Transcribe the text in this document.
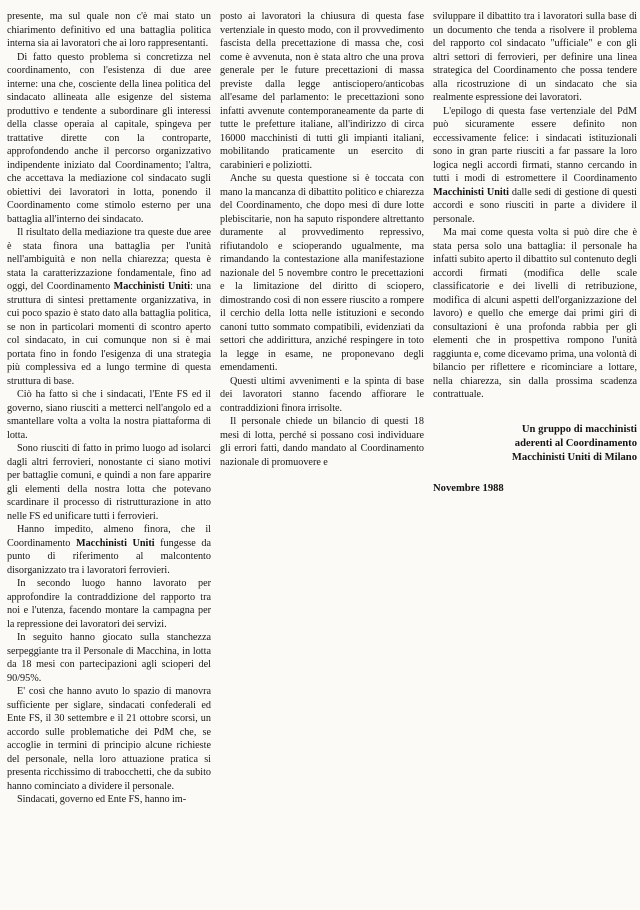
presente, ma sul quale non c'è mai stato un chiarimento definitivo ed una battaglia politica interna sia ai lavoratori che ai loro rappresentanti.

Di fatto questo problema si concretizza nel coordinamento, con l'esistenza di due aree interne: una che, cosciente della linea politica del sindacato allineata alle esigenze del sistema produttivo e tendente a subordinare gli interessi della classe operaia al capitale, spingeva per trattative dirette con la controparte, approfondendo anche il percorso organizzativo indipendente iniziato dal Coordinamento; l'altra, che accettava la mediazione col sindacato sugli obiettivi dei lavoratori in lotta, ponendo il Coordinamento come stimolo esterno per una battaglia all'interno dei sindacato.

Il risultato della mediazione tra queste due aree è stata finora una battaglia per l'unità nell'ambiguità e non nella chiarezza; questa è stata la caratterizzazione fondamentale, fino ad oggi, del Coordinamento Macchinisti Uniti: una struttura di sintesi prettamente organizzativa, in cui poco spazio è stato dato alla battaglia politica, se non in particolari momenti di scontro aperto col sindacato, in cui comunque non si è mai portata fino in fondo l'esigenza di una strategia più complessiva ed a lungo termine di questa struttura di base.

Ciò ha fatto sì che i sindacati, l'Ente FS ed il governo, siano riusciti a metterci nell'angolo ed a smantellare volta a volta la nostra piattaforma di lotta.

Sono riusciti di fatto in primo luogo ad isolarci dagli altri ferrovieri, nonostante ci siano motivi per battaglie comuni, e quindi a non fare apparire gli elementi della nostra lotta che potevano scardinare il processo di ristrutturazione in atto nelle FS ed unificare tutti i ferrovieri.

Hanno impedito, almeno finora, che il Coordinamento Macchinisti Uniti fungesse da punto di riferimento al malcontento disorganizzato tra i lavoratori ferrovieri.

In secondo luogo hanno lavorato per approfondire la contraddizione del rapporto tra noi e l'utenza, facendo montare la campagna per la repressione dei lavoratori dei servizi.

In seguito hanno giocato sulla stanchezza serpeggiante tra il Personale di Macchina, in lotta da 18 mesi con partecipazioni agli scioperi del 90/95%.

E' così che hanno avuto lo spazio di manovra sufficiente per siglare, sindacati confederali ed Ente FS, il 30 settembre e il 21 ottobre scorsi, un accordo sulle problematiche dei PdM che, se accoglie in termini di principio alcune richieste del personale, nella loro attuazione pratica si presenta ricchissimo di trabocchetti, che da subito hanno cominciato a dividere il personale.

Sindacati, governo ed Ente FS, hanno im-

posto ai lavoratori la chiusura di questa fase vertenziale in questo modo, con il provvedimento fascista della precettazione di massa che, così come è avvenuta, non è stata altro che una prova generale per le future precettazioni di massa previste dalla legge antisciopero/anticobas all'esame del parlamento: le precettazioni sono infatti avvenute contemporaneamente da parte di tutte le prefetture italiane, all'indirizzo di circa 16000 macchinisti di tutti gli impianti italiani, mobilitando praticamente un esercito di carabinieri e poliziotti.

Anche su questa questione si è toccata con mano la mancanza di dibattito politico e chiarezza del Coordinamento, che dopo mesi di dure lotte plebiscitarie, non ha saputo rispondere altrettanto duramente al provvedimento repressivo, rifiutandolo e scioperando ugualmente, ma rimandando la contestazione alla manifestazione nazionale del 5 novembre contro le precettazioni e la limitazione del diritto di sciopero, dimostrando così di non essere riuscito a rompere il cerchio della lotta nelle istituzioni e secondo canoni tutto sommato compatibili, evidenziati da settori che addirittura, anziché respingere in toto la legge in esame, ne proponevano degli emendamenti.

Questi ultimi avvenimenti e la spinta di base dei lavoratori stanno facendo affiorare le contraddizioni finora irrisolte.

Il personale chiede un bilancio di questi 18 mesi di lotta, perché si possano così individuare gli errori fatti, dando mandato al Coordinamento nazionale di promuovere e

sviluppare il dibattito tra i lavoratori sulla base di un documento che tenda a risolvere il problema del rapporto col sindacato "ufficiale" e con gli altri settori di ferrovieri, per definire una linea strategica del Coordinamento che possa tendere alla ricostruzione di un sindacato che sia realmente espressione dei lavoratori.

L'epilogo di questa fase vertenziale del PdM può sicuramente essere definito non eccessivamente felice: i sindacati istituzionali sono in gran parte riusciti a far passare la loro logica negli accordi firmati, stanno cercando in tutti i modi di estromettere il Coordinamento Macchinisti Uniti dalle sedi di gestione di questi accordi e sono riusciti in parte a dividere il personale.

Ma mai come questa volta si può dire che è stata persa solo una battaglia: il personale ha infatti subito aperto il dibattito sul contenuto degli accordi firmati (modifica delle scale classificatorie e dei livelli di retribuzione, modifica di alcuni aspetti dell'organizzazione del lavoro) e quello che emerge dai primi giri di consultazioni è una profonda rabbia per gli elementi che in prospettiva rompono l'unità raggiunta e, come dicevamo prima, una volontà di bilancio per riflettere e ricominciare a lottare, nella chiarezza, sin dalla prossima scadenza contrattuale.

Un gruppo di macchinisti

aderenti al Coordinamento

Macchinisti Uniti di Milano

Novembre 1988
